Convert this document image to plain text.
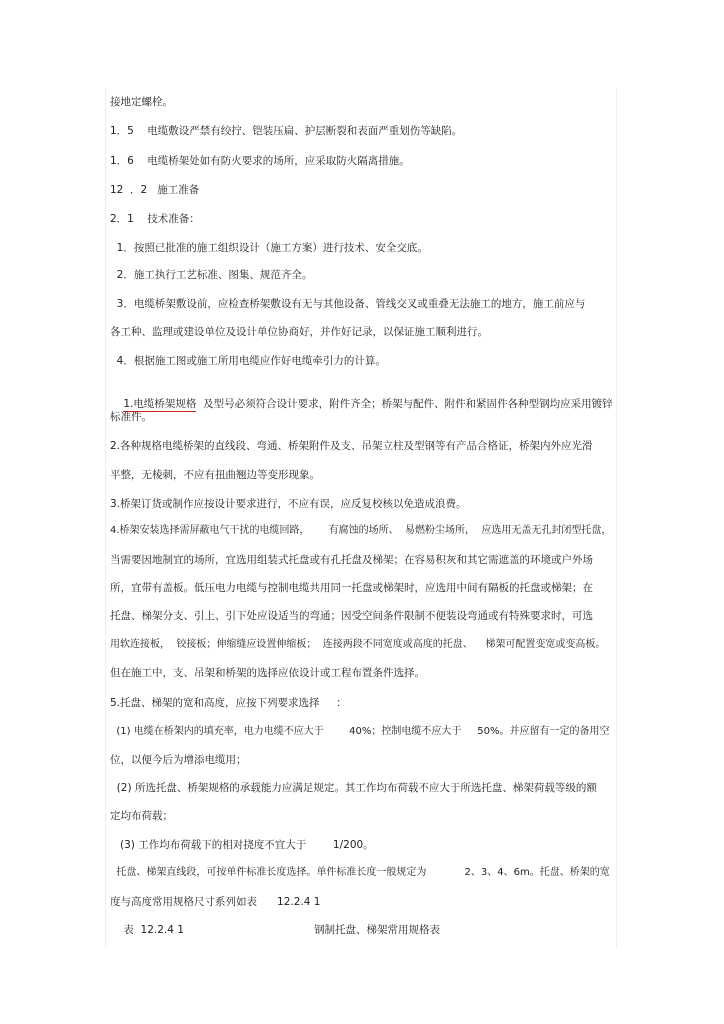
接地定螺栓。
1．5    电缆敷设严禁有绞拧、铠装压扁、护层断裂和表面严重划伤等缺陷。
1．6    电缆桥架处如有防火要求的场所，应采取防火隔离措施。
12  ．2   施工准备
2．1    技术准备：
1．按照已批准的施工组织设计（施工方案）进行技术、安全交底。
2．施工执行工艺标准、图集、规范齐全。
3．电缆桥架敷设前，应检查桥架敷设有无与其他设备、管线交叉或重叠无法施工的地方，施工前应与
各工种、监理或建设单位及设计单位协商好，并作好记录，以保证施工顺利进行。
4．根据施工图或施工所用电缆应作好电缆牵引力的计算。

1.电缆桥架规格  及型号必须符合设计要求，附件齐全；桥架与配件、附件和紧固件各种型钢均应采用镀锌

标准件。
2.各种规格电缆桥架的直线段、弯通、桥架附件及支、吊架立柱及型钢等有产品合格证，桥架内外应光滑
平整，无棱刺，不应有扭曲翘边等变形现象。
3.桥架订货或制作应按设计要求进行，不应有误，应反复校核以免造成浪费。
4.桥架安装选择需屏蔽电气干扰的电缆回路，      有腐蚀的场所、  易燃粉尘场所，  应选用无盖无孔封闭型托盘，
当需要因地制宜的场所，宜选用组装式托盘或有孔托盘及梯架；在容易积灰和其它需遮盖的环境或户外场
所，宜带有盖板。低压电力电缆与控制电缆共用同一托盘或梯架时，应选用中间有隔板的托盘或梯架；在
托盘、梯架分支、引上、引下处应设适当的弯通；因受空间条件限制不便装设弯通或有特殊要求时，可选
用软连接板，  铰接板；伸缩缝应设置伸缩板；  连接两段不同宽度或高度的托盘、    梯架可配置变宽或变高板。
但在施工中，支、吊架和桥架的选择应依设计或工程布置条件选择。
5.托盘、梯架的宽和高度，应按下列要求选择     ：
(1) 电缆在桥架内的填充率，电力电缆不应大于        40%；控制电缆不应大于     50%。并应留有一定的备用空
位，以便今后为增添电缆用；
(2) 所选托盘、桥架规格的承载能力应满足规定。其工作均布荷载不应大于所选托盘、梯架荷载等级的额
定均布荷载；
(3) 工作均布荷载下的相对挠度不宜大于        1/200。
托盘、梯架直线段，可按单件标准长度选择。单件标准长度一般规定为            2、3、4、6m。托盘、桥架的宽
度与高度常用规格尺寸系列如表      12.2.4 1
表  12.2.4 1	钢制托盘、梯架常用规格表
